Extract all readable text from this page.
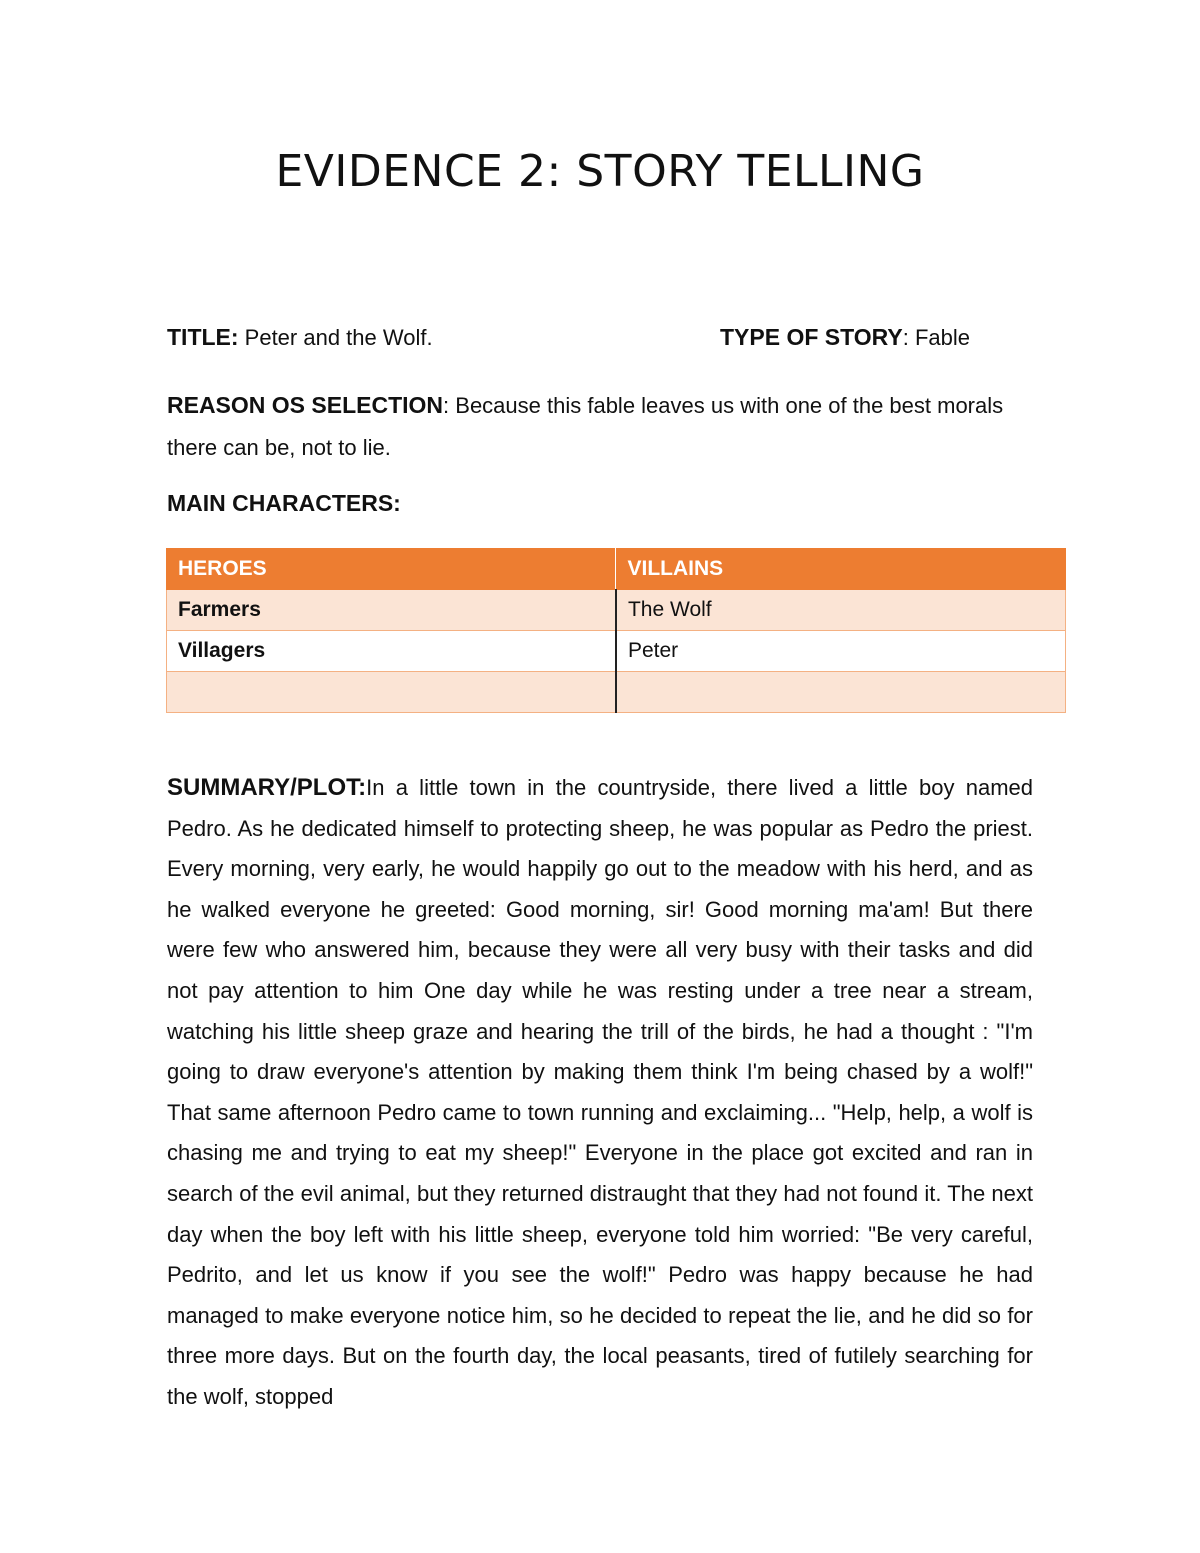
EVIDENCE 2: STORY TELLING
TITLE: Peter and the Wolf.	TYPE OF STORY: Fable
REASON OS SELECTION: Because this fable leaves us with one of the best morals there can be, not to lie.
MAIN CHARACTERS:
HEROES	VILLAINS
Farmers	The Wolf
Villagers	Peter

SUMMARY/PLOT:In a little town in the countryside, there lived a little boy named Pedro. As he dedicated himself to protecting sheep, he was popular as Pedro the priest. Every morning, very early, he would happily go out to the meadow with his herd, and as he walked everyone he greeted: Good morning, sir! Good morning ma'am! But there were few who answered him, because they were all very busy with their tasks and did not pay attention to him One day while he was resting under a tree near a stream, watching his little sheep graze and hearing the trill of the birds, he had a thought : "I'm going to draw everyone's attention by making them think I'm being chased by a wolf!" That same afternoon Pedro came to town running and exclaiming... "Help, help, a wolf is chasing me and trying to eat my sheep!" Everyone in the place got excited and ran in search of the evil animal, but they returned distraught that they had not found it. The next day when the boy left with his little sheep, everyone told him worried: "Be very careful, Pedrito, and let us know if you see the wolf!" Pedro was happy because he had managed to make everyone notice him, so he decided to repeat the lie, and he did so for three more days. But on the fourth day, the local peasants, tired of futilely searching for the wolf, stopped
